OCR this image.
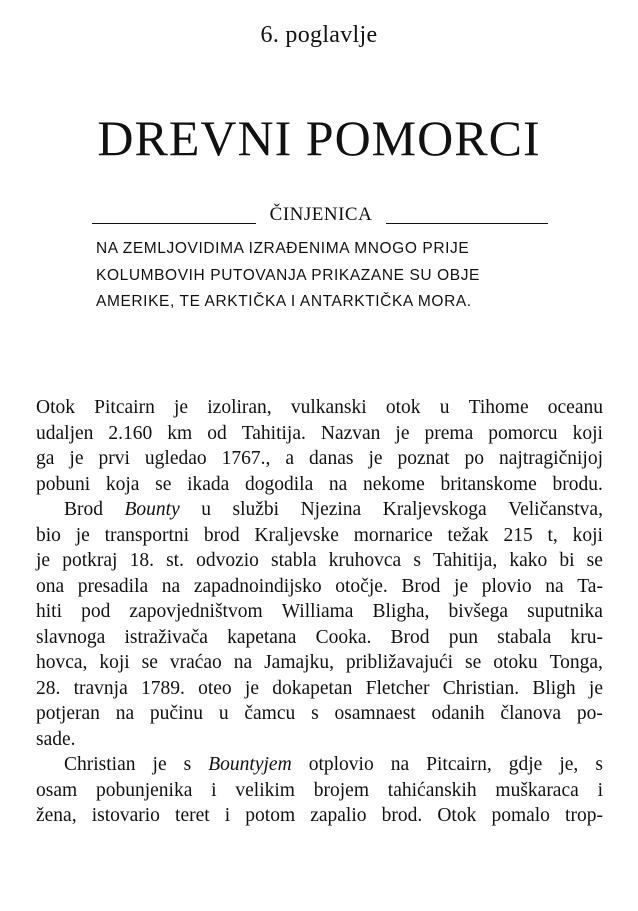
6. poglavlje
DREVNI POMORCI
ČINJENICA
NA ZEMLJOVIDIMA IZRAĐENIMA MNOGO PRIJE
KOLUMBOVIH PUTOVANJA PRIKAZANE SU OBJE
AMERIKE, TE ARKTIČKA I ANTARKTIČKA MORA.
Otok Pitcairn je izoliran, vulkanski otok u Tihome oceanu
udaljen 2.160 km od Tahitija. Nazvan je prema pomorcu koji
ga je prvi ugledao 1767., a danas je poznat po najtragičnijoj
pobuni koja se ikada dogodila na nekome britanskome brodu.
Brod Bounty u službi Njezina Kraljevskoga Veličanstva,
bio je transportni brod Kraljevske mornarice težak 215 t, koji
je potkraj 18. st. odvozio stabla kruhovca s Tahitija, kako bi se
ona presadila na zapadnoindijsko otočje. Brod je plovio na Ta-
hiti pod zapovjedništvom Williama Bligha, bivšega suputnika
slavnoga istraživača kapetana Cooka. Brod pun stabala kru-
hovca, koji se vraćao na Jamajku, približavajući se otoku Tonga,
28. travnja 1789. oteo je dokapetan Fletcher Christian. Bligh je
potjeran na pučinu u čamcu s osamnaest odanih članova po-
sade.
Christian je s Bountyjem otplovio na Pitcairn, gdje je, s
osam pobunjenika i velikim brojem tahićanskih muškaraca i
žena, istovario teret i potom zapalio brod. Otok pomalo trop-
